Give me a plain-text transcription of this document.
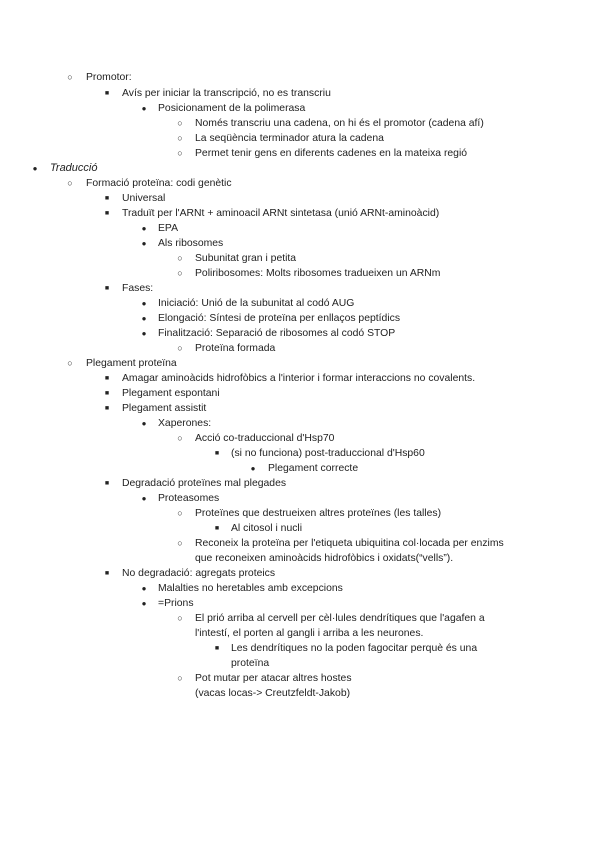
○	Promotor:
■	Avís per iniciar la transcripció, no es transcriu
●	Posicionament de la polimerasa
○	Només transcriu una cadena, on hi és el promotor (cadena afí)
○	La seqüència terminador atura la cadena
○	Permet tenir gens en diferents cadenes en la mateixa regió
●	Traducció
○	Formació proteïna: codi genètic
■	Universal
■	Traduït per l'ARNt + aminoacil ARNt sintetasa (unió ARNt-aminoàcid)
●	EPA
●	Als ribosomes
○	Subunitat gran i petita
○	Poliribosomes: Molts ribosomes tradueixen un ARNm
■	Fases:
●	Iniciació: Unió de la subunitat al codó AUG
●	Elongació: Síntesi de proteïna per enllaços peptídics
●	Finalització: Separació de ribosomes al codó STOP
○	Proteïna formada
○	Plegament proteïna
■	Amagar aminoàcids hidrofòbics a l'interior i formar interaccions no covalents.
■	Plegament espontani
■	Plegament assistit
●	Xaperones:
○	Acció co-traduccional d'Hsp70
■	(si no funciona) post-traduccional d'Hsp60
●	Plegament correcte
■	Degradació proteïnes mal plegades
●	Proteasomes
○	Proteïnes que destrueixen altres proteïnes (les talles)
■	Al citosol i nucli
○	Reconeix la proteïna per l'etiqueta ubiquitina col·locada per enzims
que reconeixen aminoàcids hidrofòbics i oxidats(“vells”).
■	No degradació: agregats proteics
●	Malalties no heretables amb excepcions
●	=Prions
○	El prió arriba al cervell per cèl·lules dendrítiques que l'agafen a
l'intestí, el porten al gangli i arriba a les neurones.
■	Les dendrítiques no la poden fagocitar perquè és una
proteïna
○	Pot mutar per atacar altres hostes
(vacas locas-> Creutzfeldt-Jakob)
